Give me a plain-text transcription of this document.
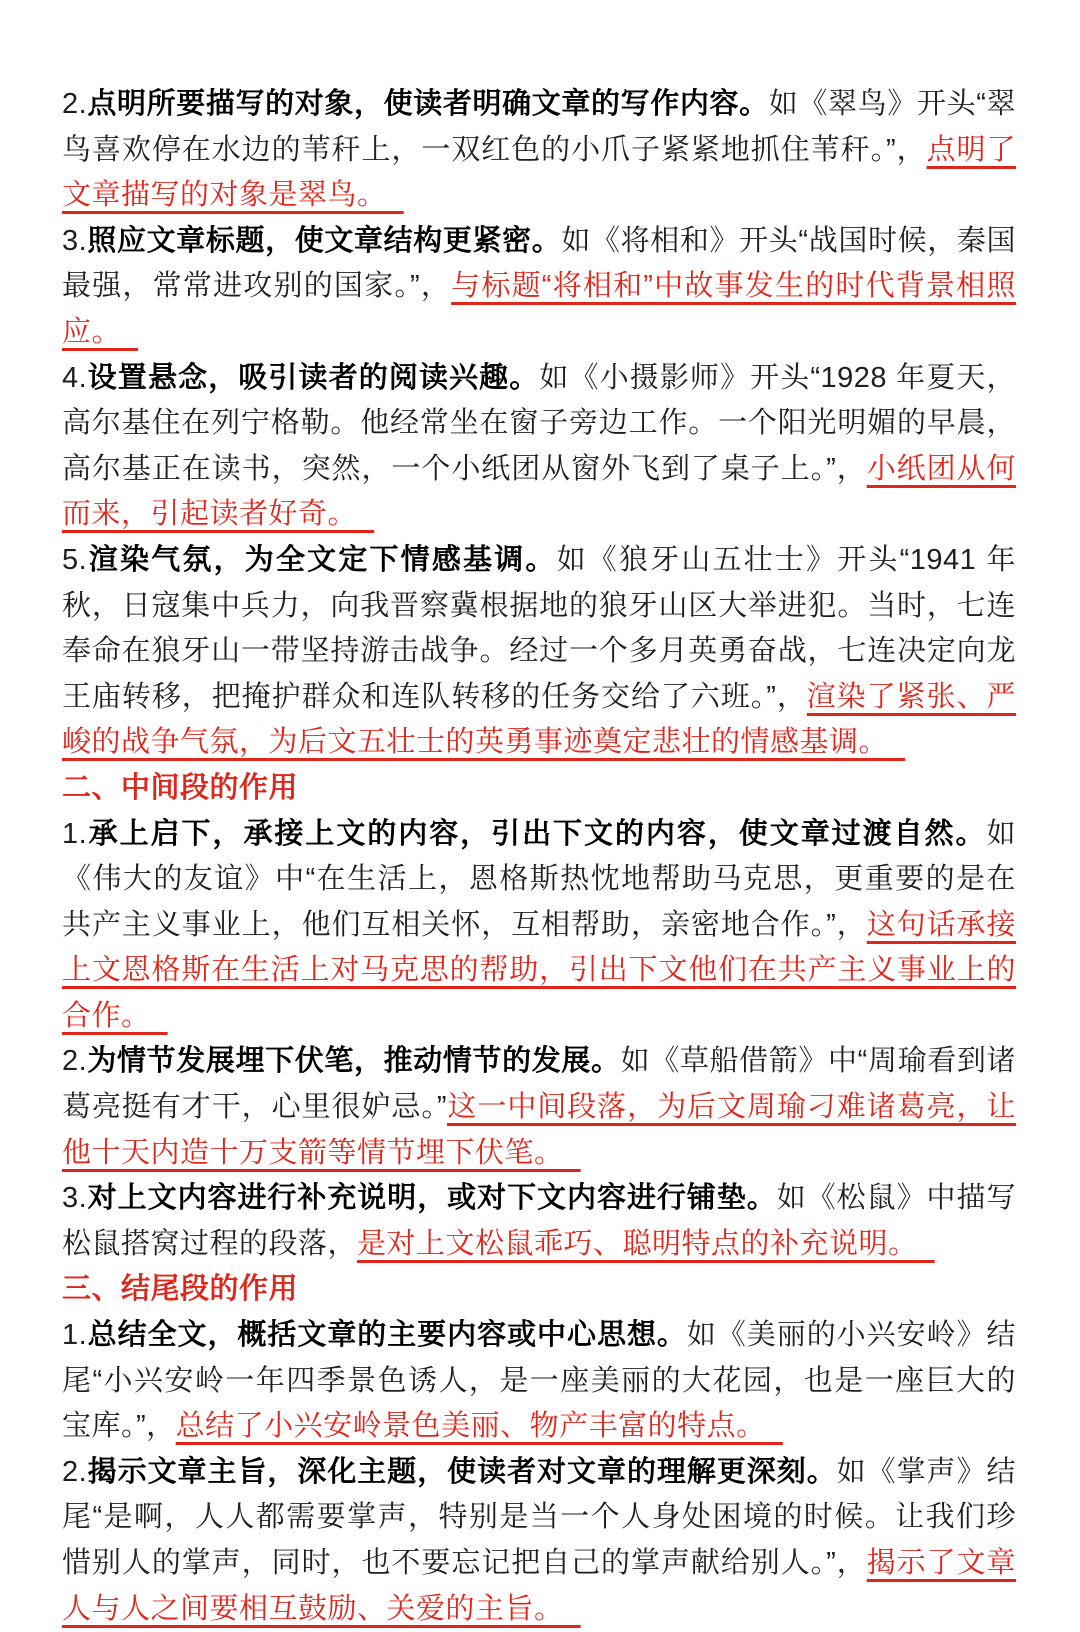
2.点明所要描写的对象，使读者明确文章的写作内容。如《翠鸟》开头“翠鸟喜欢停在水边的苇秆上，一双红色的小爪子紧紧地抓住苇秆。”，点明了文章描写的对象是翠鸟。

3.照应文章标题，使文章结构更紧密。如《将相和》开头“战国时候，秦国最强，常常进攻别的国家。”，与标题“将相和”中故事发生的时代背景相照应。

4.设置悬念，吸引读者的阅读兴趣。如《小摄影师》开头“1928 年夏天，高尔基住在列宁格勒。他经常坐在窗子旁边工作。一个阳光明媚的早晨，高尔基正在读书，突然，一个小纸团从窗外飞到了桌子上。”，小纸团从何而来，引起读者好奇。

5.渲染气氛，为全文定下情感基调。如《狼牙山五壮士》开头“1941 年秋，日寇集中兵力，向我晋察冀根据地的狼牙山区大举进犯。当时，七连奉命在狼牙山一带坚持游击战争。经过一个多月英勇奋战，七连决定向龙王庙转移，把掩护群众和连队转移的任务交给了六班。”，渲染了紧张、严峻的战争气氛，为后文五壮士的英勇事迹奠定悲壮的情感基调。

二、中间段的作用

1.承上启下，承接上文的内容，引出下文的内容，使文章过渡自然。如《伟大的友谊》中“在生活上，恩格斯热忱地帮助马克思，更重要的是在共产主义事业上，他们互相关怀，互相帮助，亲密地合作。”，这句话承接上文恩格斯在生活上对马克思的帮助，引出下文他们在共产主义事业上的合作。

2.为情节发展埋下伏笔，推动情节的发展。如《草船借箭》中“周瑜看到诸葛亮挺有才干，心里很妒忌。”这一中间段落，为后文周瑜刁难诸葛亮，让他十天内造十万支箭等情节埋下伏笔。

3.对上文内容进行补充说明，或对下文内容进行铺垫。如《松鼠》中描写松鼠搭窝过程的段落，是对上文松鼠乖巧、聪明特点的补充说明。

三、结尾段的作用

1.总结全文，概括文章的主要内容或中心思想。如《美丽的小兴安岭》结尾“小兴安岭一年四季景色诱人，是一座美丽的大花园，也是一座巨大的宝库。”，总结了小兴安岭景色美丽、物产丰富的特点。

2.揭示文章主旨，深化主题，使读者对文章的理解更深刻。如《掌声》结尾“是啊，人人都需要掌声，特别是当一个人身处困境的时候。让我们珍惜别人的掌声，同时，也不要忘记把自己的掌声献给别人。”，揭示了文章人与人之间要相互鼓励、关爱的主旨。
